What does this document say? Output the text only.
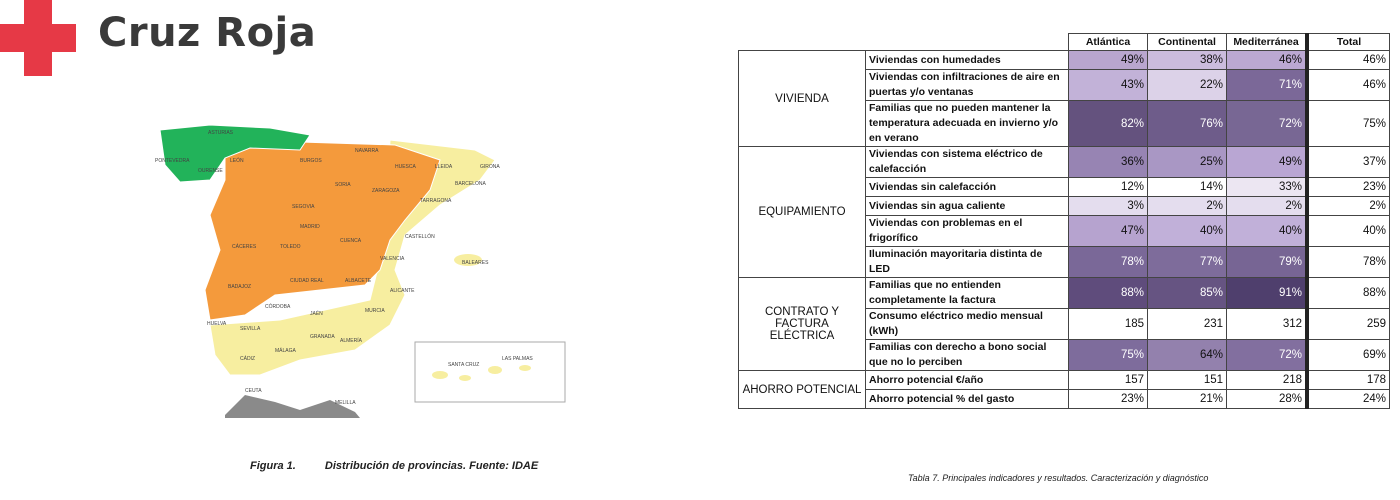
Cruz Roja
ASTURIAS
LEÓN	BURGOS
NAVARRA
HUESCA	LLEIDA	GIRONA
BARCELONA
TARRAGONA
ZARAGOZA
SORIA
SEGOVIA
MADRID
TOLEDO
CUENCA
CIUDAD REAL	ALBACETE
CASTELLÓN
VALENCIA
BALEARES
ALICANTE
MURCIA
BADAJOZ
CÁCERES
CÓRDOBA
JAÉN
SEVILLA
HUELVA
CÁDIZ
MÁLAGA
GRANADA
ALMERÍA
PONTEVEDRA
OURENSE
SANTA CRUZ
LAS PALMAS
CEUTA
MELILLA
Figura 1.	Distribución de provincias. Fuente: IDAE
		Atlántica	Continental	Mediterránea	Total
VIVIENDA	Viviendas con humedades	49%	38%	46%	46%
	Viviendas con infiltraciones de aire en puertas y/o ventanas	43%	22%	71%	46%
	Familias que no pueden mantener la temperatura adecuada en invierno y/o en verano	82%	76%	72%	75%
EQUIPAMIENTO	Viviendas con sistema eléctrico de calefacción	36%	25%	49%	37%
	Viviendas sin calefacción	12%	14%	33%	23%
	Viviendas sin agua caliente	3%	2%	2%	2%
	Viviendas con problemas en el frigorífico	47%	40%	40%	40%
	Iluminación mayoritaria distinta de LED	78%	77%	79%	78%
CONTRATO Y FACTURA ELÉCTRICA	Familias que no entienden completamente la factura	88%	85%	91%	88%
	Consumo eléctrico medio mensual (kWh)	185	231	312	259
	Familias con derecho a bono social que no lo perciben	75%	64%	72%	69%
AHORRO POTENCIAL	Ahorro potencial €/año	157	151	218	178
	Ahorro potencial % del gasto	23%	21%	28%	24%
Tabla 7. Principales indicadores y resultados. Caracterización y diagnóstico
